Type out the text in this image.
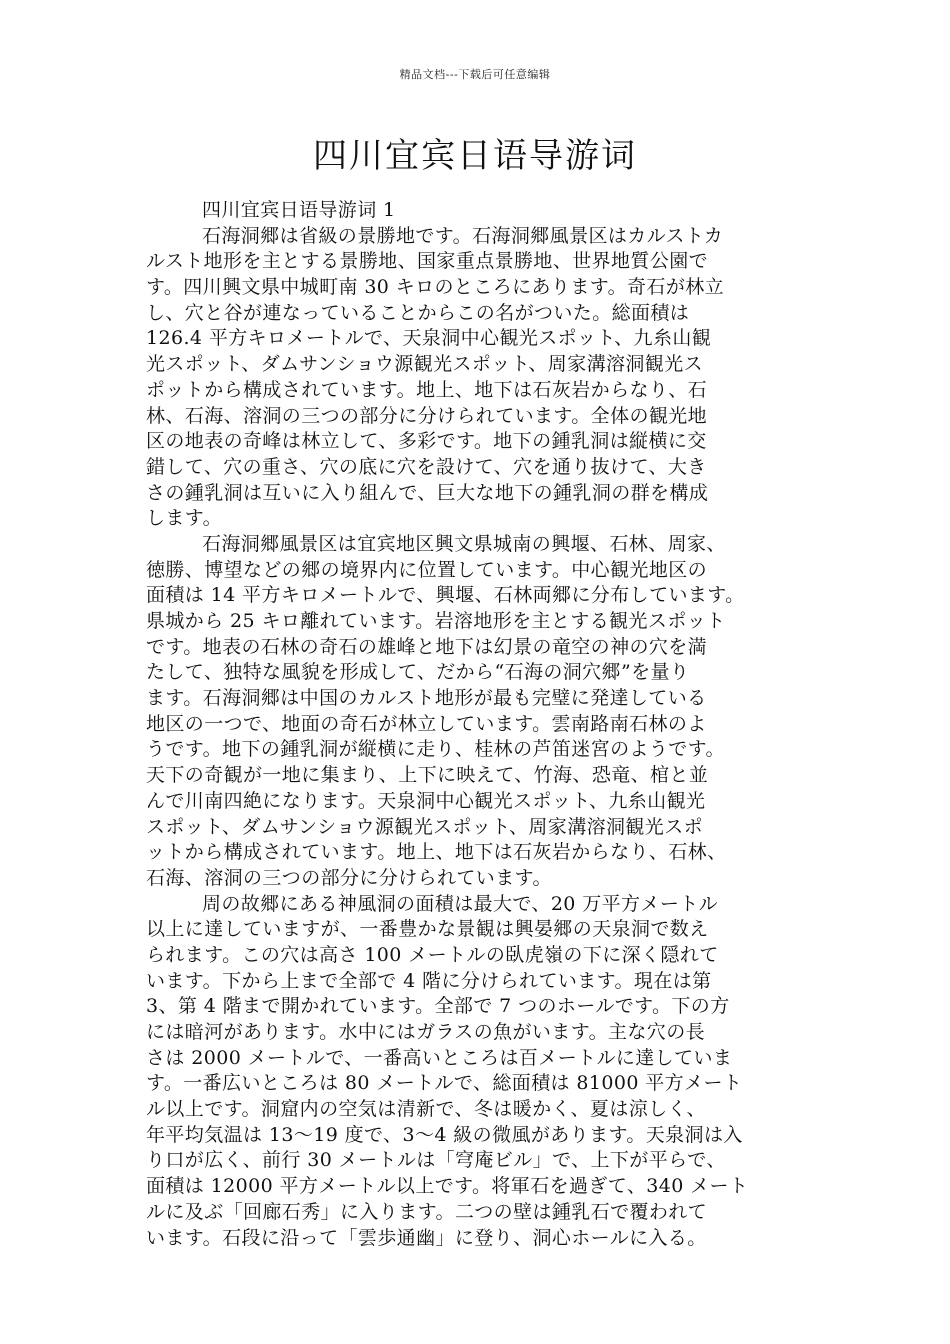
精品文档---下载后可任意编辑
四川宜宾日语导游词
四川宜宾日语导游词 1
石海洞郷は省級の景勝地です。石海洞郷風景区はカルストカ
ルスト地形を主とする景勝地、国家重点景勝地、世界地質公園で
す。四川興文県中城町南 30 キロのところにあります。奇石が林立
し、穴と谷が連なっていることからこの名がついた。総面積は
126.4 平方キロメートルで、天泉洞中心観光スポット、九糸山観
光スポット、ダムサンショウ源観光スポット、周家溝溶洞観光ス
ポットから構成されています。地上、地下は石灰岩からなり、石
林、石海、溶洞の三つの部分に分けられています。全体の観光地
区の地表の奇峰は林立して、多彩です。地下の鍾乳洞は縦横に交
錯して、穴の重さ、穴の底に穴を設けて、穴を通り抜けて、大き
さの鍾乳洞は互いに入り組んで、巨大な地下の鍾乳洞の群を構成
します。
石海洞郷風景区は宜宾地区興文県城南の興堰、石林、周家、
徳勝、博望などの郷の境界内に位置しています。中心観光地区の
面積は 14 平方キロメートルで、興堰、石林両郷に分布しています。
県城から 25 キロ離れています。岩溶地形を主とする観光スポット
です。地表の石林の奇石の雄峰と地下は幻景の竜空の神の穴を満
たして、独特な風貌を形成して、だから“石海の洞穴郷”を量り
ます。石海洞郷は中国のカルスト地形が最も完璧に発達している
地区の一つで、地面の奇石が林立しています。雲南路南石林のよ
うです。地下の鍾乳洞が縦横に走り、桂林の芦笛迷宮のようです。
天下の奇観が一地に集まり、上下に映えて、竹海、恐竜、棺と並
んで川南四絶になります。天泉洞中心観光スポット、九糸山観光
スポット、ダムサンショウ源観光スポット、周家溝溶洞観光スポ
ットから構成されています。地上、地下は石灰岩からなり、石林、
石海、溶洞の三つの部分に分けられています。
周の故郷にある神風洞の面積は最大で、20 万平方メートル
以上に達していますが、一番豊かな景観は興晏郷の天泉洞で数え
られます。この穴は高さ 100 メートルの臥虎嶺の下に深く隠れて
います。下から上まで全部で 4 階に分けられています。現在は第
3、第 4 階まで開かれています。全部で 7 つのホールです。下の方
には暗河があります。水中にはガラスの魚がいます。主な穴の長
さは 2000 メートルで、一番高いところは百メートルに達していま
す。一番広いところは 80 メートルで、総面積は 81000 平方メート
ル以上です。洞窟内の空気は清新で、冬は暖かく、夏は涼しく、
年平均気温は 13～19 度で、3～4 級の微風があります。天泉洞は入
り口が広く、前行 30 メートルは「穹庵ビル」で、上下が平らで、
面積は 12000 平方メートル以上です。将軍石を過ぎて、340 メート
ルに及ぶ「回廊石秀」に入ります。二つの壁は鍾乳石で覆われて
います。石段に沿って「雲歩通幽」に登り、洞心ホールに入る。
